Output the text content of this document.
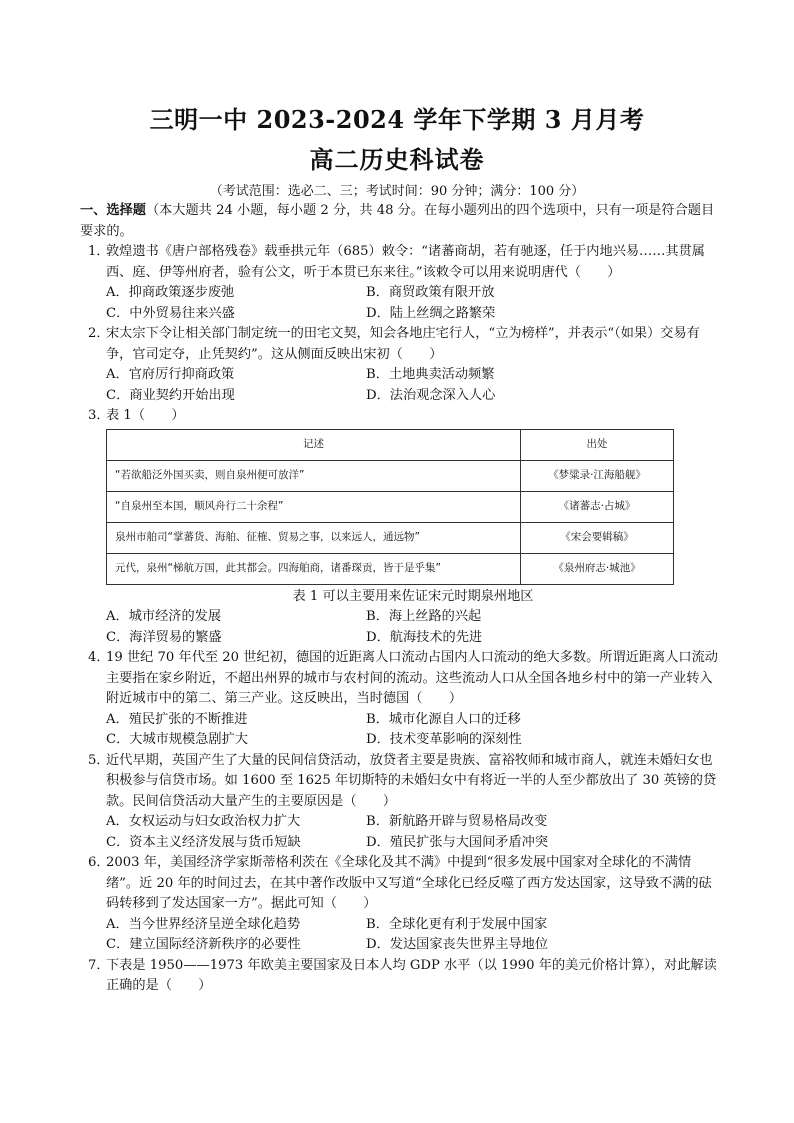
三明一中 2023-2024 学年下学期 3 月月考
高二历史科试卷
（考试范围：选必二、三；考试时间：90 分钟；满分：100 分）

一、选择题（本大题共 24 小题，每小题 2 分，共 48 分。在每小题列出的四个选项中，只有一项是符合题目要求的。

1．
敦煌遗书《唐户部格残卷》载垂拱元年（685）敕令：“诸蕃商胡，若有驰逐，任于内地兴易……其贯属西、庭、伊等州府者，验有公文，听于本贯已东来往。”该敕令可以用来说明唐代（　　）
A．抑商政策逐步废弛	B．商贸政策有限开放
C．中外贸易往来兴盛	D．陆上丝绸之路繁荣
2．
宋太宗下令让相关部门制定统一的田宅文契，知会各地庄宅行人，“立为榜样”，并表示“（如果）交易有争，官司定夺，止凭契约”。这从侧面反映出宋初（　　）
A．官府厉行抑商政策	B．土地典卖活动频繁
C．商业契约开始出现	D．法治观念深入人心
3．
表 1（　　）
记述	出处
“若欲船泛外国买卖，则自泉州便可放洋”	《梦粱录·江海船舰》
“自泉州至本国，顺风舟行二十余程”	《诸蕃志·占城》
泉州市舶司“掌蕃货、海舶、征榷、贸易之事，以来远人，通远物”	《宋会要辑稿》
元代，泉州“梯航万国，此其都会。四海舶商，诸番琛贡，皆于是乎集”	《泉州府志·城池》
表 1 可以主要用来佐证宋元时期泉州地区
A．城市经济的发展	B．海上丝路的兴起
C．海洋贸易的繁盛	D．航海技术的先进
4．
19 世纪 70 年代至 20 世纪初，德国的近距离人口流动占国内人口流动的绝大多数。所谓近距离人口流动主要指在家乡附近，不超出州界的城市与农村间的流动。这些流动人口从全国各地乡村中的第一产业转入附近城市中的第二、第三产业。这反映出，当时德国（　　）
A．殖民扩张的不断推进	B．城市化源自人口的迁移
C．大城市规模急剧扩大	D．技术变革影响的深刻性
5．
近代早期，英国产生了大量的民间信贷活动，放贷者主要是贵族、富裕牧师和城市商人，就连未婚妇女也积极参与信贷市场。如 1600 至 1625 年切斯特的未婚妇女中有将近一半的人至少都放出了 30 英镑的贷款。民间信贷活动大量产生的主要原因是（　　）
A．女权运动与妇女政治权力扩大	B．新航路开辟与贸易格局改变
C．资本主义经济发展与货币短缺	D．殖民扩张与大国间矛盾冲突
6．
2003 年，美国经济学家斯蒂格利茨在《全球化及其不满》中提到“很多发展中国家对全球化的不满情绪”。近 20 年的时间过去，在其中著作改版中又写道“全球化已经反噬了西方发达国家，这导致不满的砝码转移到了发达国家一方”。据此可知（　　）
A．当今世界经济呈逆全球化趋势	B．全球化更有利于发展中国家
C．建立国际经济新秩序的必要性	D．发达国家丧失世界主导地位
7．
下表是 1950——1973 年欧美主要国家及日本人均 GDP 水平（以 1990 年的美元价格计算），对此解读正确的是（　　）
